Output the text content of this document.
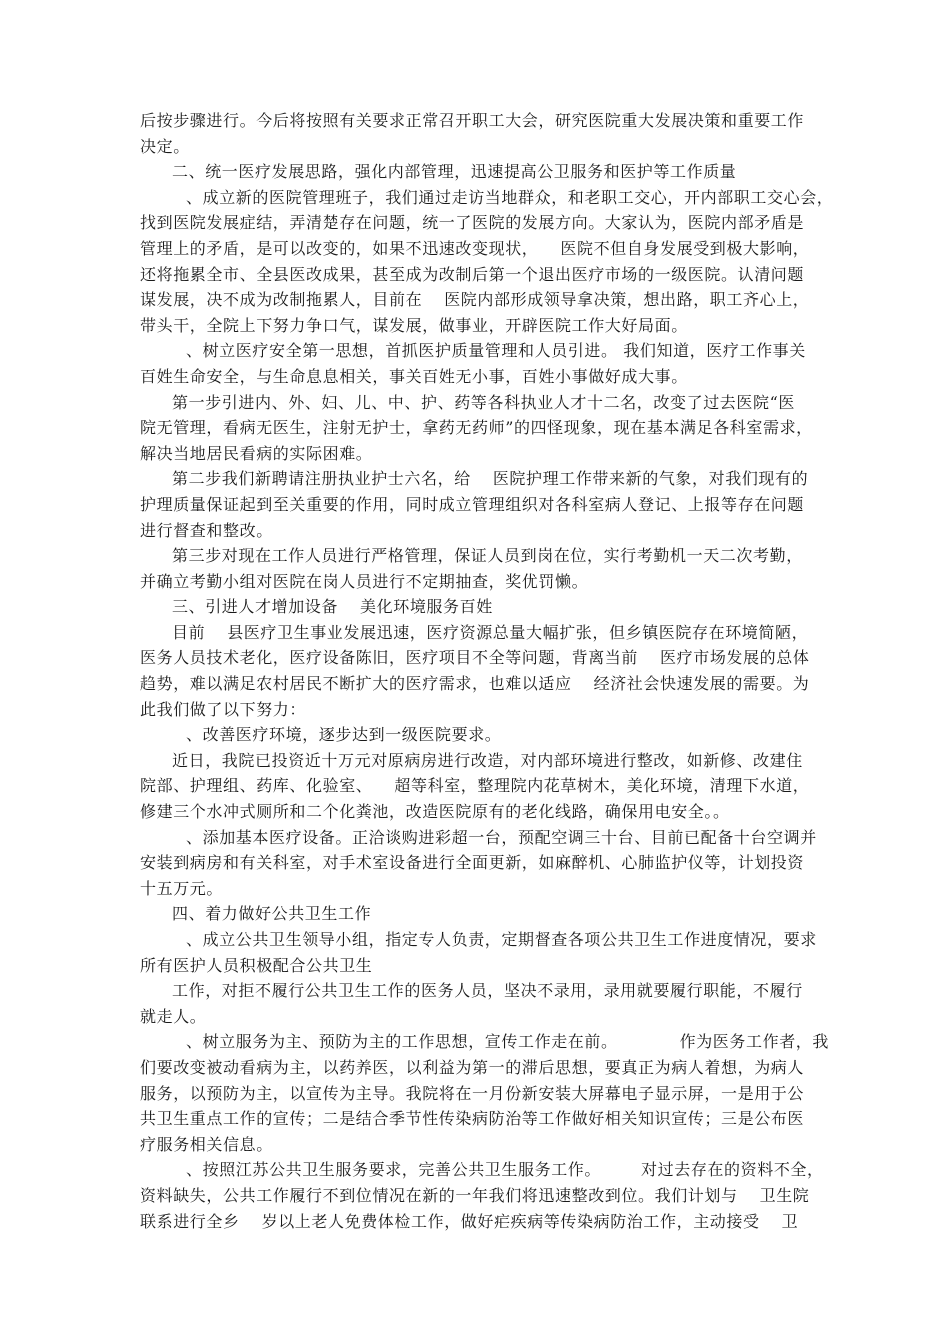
后按步骤进行。今后将按照有关要求正常召开职工大会，研究医院重大发展决策和重要工作
决定。
二、统一医疗发展思路，强化内部管理，迅速提高公卫服务和医护等工作质量
、成立新的医院管理班子，我们通过走访当地群众，和老职工交心，开内部职工交心会，
找到医院发展症结，弄清楚存在问题，统一了医院的发展方向。大家认为，医院内部矛盾是
管理上的矛盾，是可以改变的，如果不迅速改变现状， 医院不但自身发展受到极大影响，
还将拖累全市、全县医改成果，甚至成为改制后第一个退出医疗市场的一级医院。认清问题
谋发展，决不成为改制拖累人，目前在 医院内部形成领导拿决策，想出路，职工齐心上，
带头干，全院上下努力争口气，谋发展，做事业，开辟医院工作大好局面。
、树立医疗安全第一思想，首抓医护质量管理和人员引进。 我们知道，医疗工作事关
百姓生命安全，与生命息息相关，事关百姓无小事，百姓小事做好成大事。
第一步引进内、外、妇、儿、中、护、药等各科执业人才十二名，改变了过去医院“医
院无管理，看病无医生，注射无护士，拿药无药师”的四怪现象，现在基本满足各科室需求，
解决当地居民看病的实际困难。
第二步我们新聘请注册执业护士六名，给 医院护理工作带来新的气象，对我们现有的
护理质量保证起到至关重要的作用，同时成立管理组织对各科室病人登记、上报等存在问题
进行督查和整改。
第三步对现在工作人员进行严格管理，保证人员到岗在位，实行考勤机一天二次考勤，
并确立考勤小组对医院在岗人员进行不定期抽查，奖优罚懒。
三、引进人才增加设备 美化环境服务百姓
目前 县医疗卫生事业发展迅速，医疗资源总量大幅扩张，但乡镇医院存在环境简陋，
医务人员技术老化，医疗设备陈旧，医疗项目不全等问题，背离当前 医疗市场发展的总体
趋势，难以满足农村居民不断扩大的医疗需求，也难以适应 经济社会快速发展的需要。为
此我们做了以下努力：
、改善医疗环境，逐步达到一级医院要求。
近日，我院已投资近十万元对原病房进行改造，对内部环境进行整改，如新修、改建住
院部、护理组、药库、化验室、 超等科室，整理院内花草树木，美化环境，清理下水道，
修建三个水冲式厕所和二个化粪池，改造医院原有的老化线路，确保用电安全。。
、添加基本医疗设备。正洽谈购进彩超一台，预配空调三十台、目前已配备十台空调并
安装到病房和有关科室，对手术室设备进行全面更新，如麻醉机、心肺监护仪等，计划投资
十五万元。
四、着力做好公共卫生工作
、成立公共卫生领导小组，指定专人负责，定期督查各项公共卫生工作进度情况，要求
所有医护人员积极配合公共卫生
工作，对拒不履行公共卫生工作的医务人员，坚决不录用，录用就要履行职能，不履行
就走人。
、树立服务为主、预防为主的工作思想，宣传工作走在前。	作为医务工作者，我
们要改变被动看病为主，以药养医，以利益为第一的滞后思想，要真正为病人着想，为病人
服务，以预防为主，以宣传为主导。我院将在一月份新安装大屏幕电子显示屏，一是用于公
共卫生重点工作的宣传；二是结合季节性传染病防治等工作做好相关知识宣传；三是公布医
疗服务相关信息。
、按照江苏公共卫生服务要求，完善公共卫生服务工作。	对过去存在的资料不全，
资料缺失，公共工作履行不到位情况在新的一年我们将迅速整改到位。我们计划与 卫生院
联系进行全乡 岁以上老人免费体检工作，做好疟疾病等传染病防治工作，主动接受 卫
